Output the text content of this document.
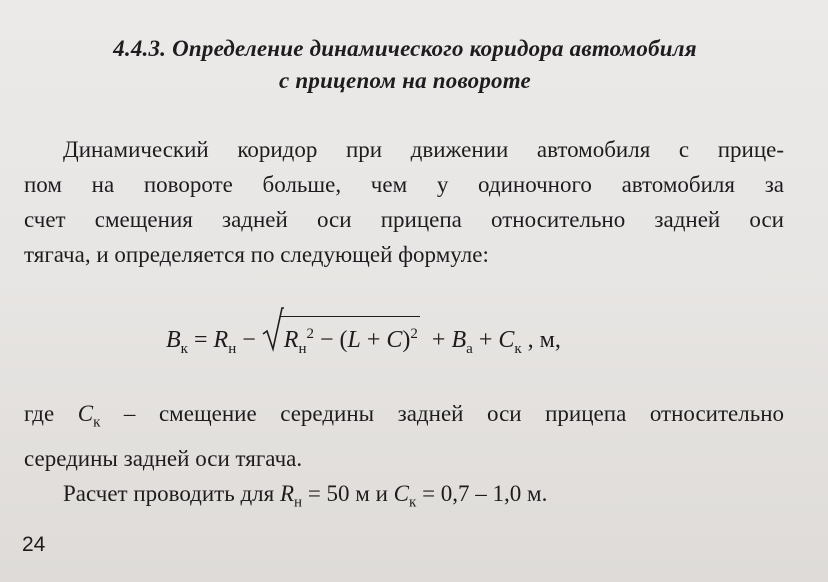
4.4.3. Определение динамического коридора автомобиля
с прицепом на повороте
Динамический коридор при движении автомобиля с прице-
пом на повороте больше, чем у одиночного автомобиля за
счет смещения задней оси прицепа относительно задней оси
тягача, и определяется по следующей формуле:
$B_к = R_н - R_н^2 - (L + C)^2 + B_a + C_к$ , м,
где $C_к$ – смещение середины задней оси прицепа относительно
середины задней оси тягача.
Расчет проводить для $R_н = 50$ м и $C_к = 0,7 - 1,0$ м.
24
